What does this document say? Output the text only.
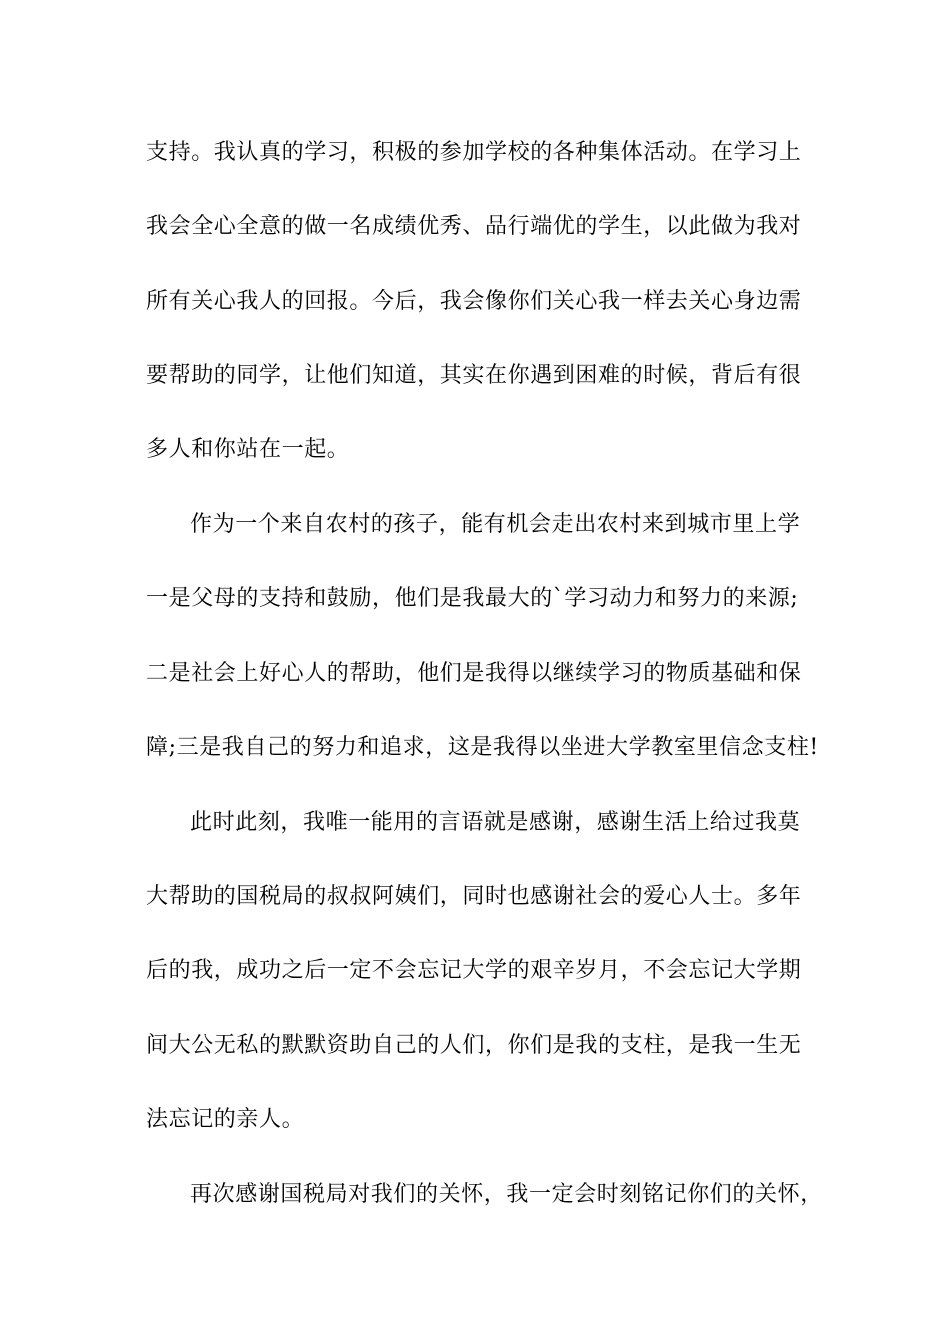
支持。我认真的学习，积极的参加学校的各种集体活动。在学习上
我会全心全意的做一名成绩优秀、品行端优的学生，以此做为我对
所有关心我人的回报。今后，我会像你们关心我一样去关心身边需
要帮助的同学，让他们知道，其实在你遇到困难的时候，背后有很
多人和你站在一起。
作为一个来自农村的孩子，能有机会走出农村来到城市里上学
一是父母的支持和鼓励，他们是我最大的`学习动力和努力的来源;
二是社会上好心人的帮助，他们是我得以继续学习的物质基础和保
障;三是我自己的努力和追求，这是我得以坐进大学教室里信念支柱!
此时此刻，我唯一能用的言语就是感谢，感谢生活上给过我莫
大帮助的国税局的叔叔阿姨们，同时也感谢社会的爱心人士。多年
后的我，成功之后一定不会忘记大学的艰辛岁月，不会忘记大学期
间大公无私的默默资助自己的人们，你们是我的支柱，是我一生无
法忘记的亲人。
再次感谢国税局对我们的关怀，我一定会时刻铭记你们的关怀，
